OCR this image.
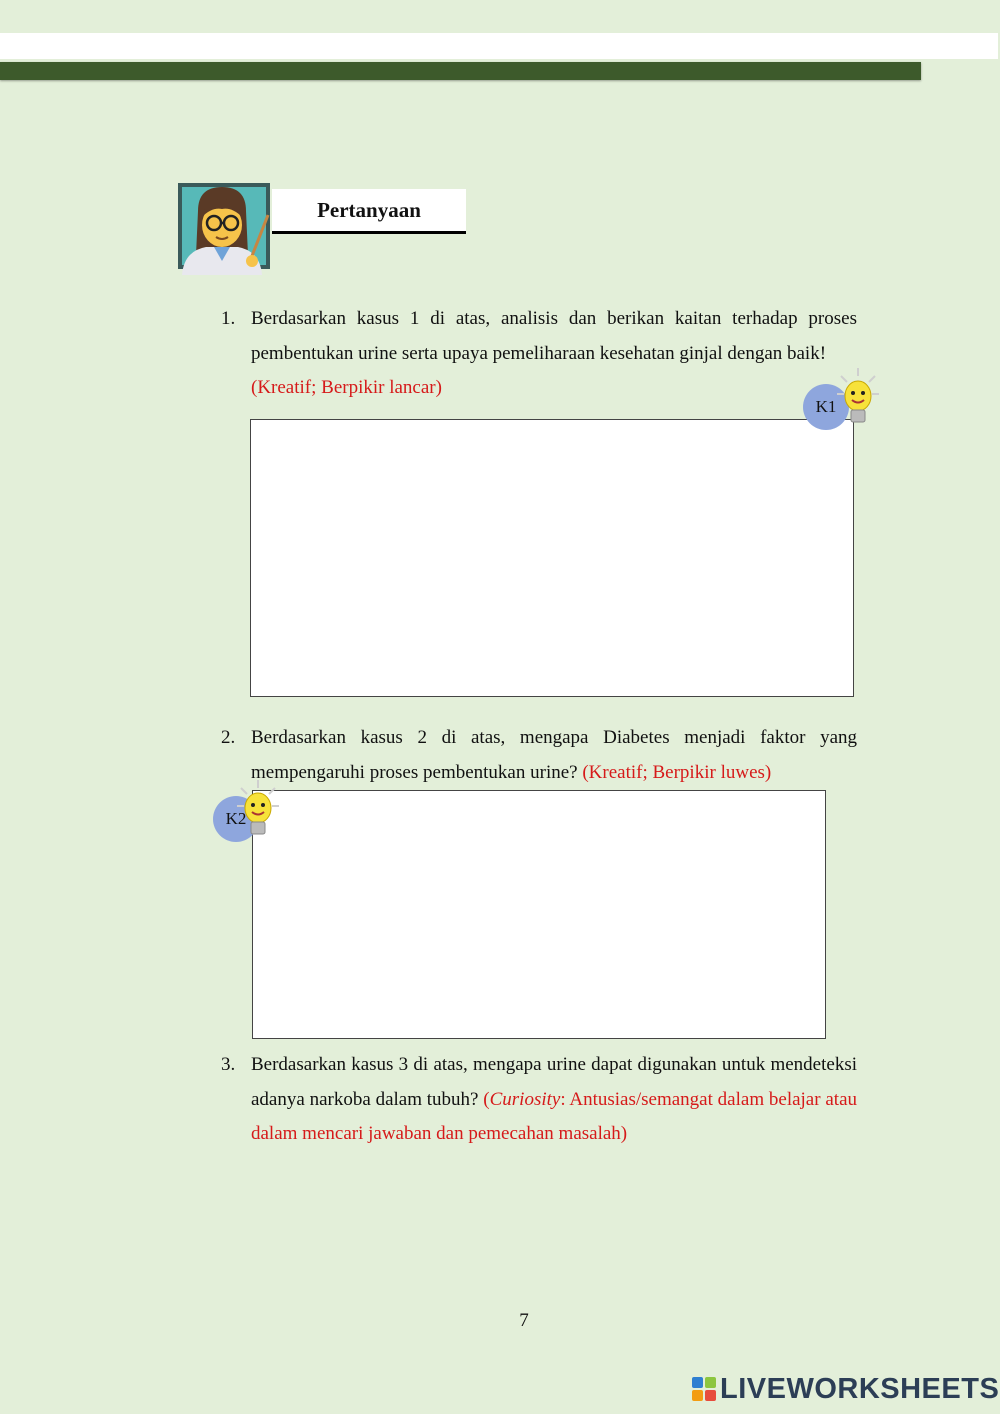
Pertanyaan
1. Berdasarkan kasus 1 di atas, analisis dan berikan kaitan terhadap proses pembentukan urine serta upaya pemeliharaan kesehatan ginjal dengan baik!
(Kreatif; Berpikir lancar)

K1
2. Berdasarkan kasus 2 di atas, mengapa Diabetes menjadi faktor yang mempengaruhi proses pembentukan urine? (Kreatif; Berpikir luwes)

K2
3. Berdasarkan kasus 3 di atas, mengapa urine dapat digunakan untuk mendeteksi adanya narkoba dalam tubuh? (Curiosity: Antusias/semangat dalam belajar atau dalam mencari jawaban dan pemecahan masalah)

7
LIVEWORKSHEETS
